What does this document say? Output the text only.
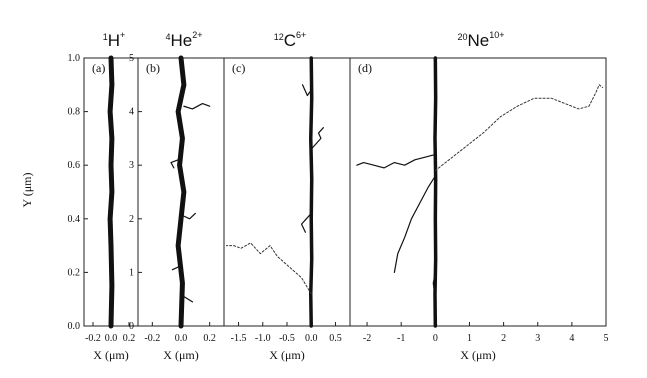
$^1$H+
(a)
-0.2 0.0 0.2
0.0
0.2
0.4
0.6
0.8
1.0
X (μm)
$^4He^{2+}$
(b)
-0.2 0.0 0.2
0
1
2
3
4
5
X (μm)
$^{12}C^{6+}$
(c)
-1.5 -1.0 -0.5 0.0 0.5
X (μm)
$^{20}Ne^{10+}$
(d)
-2	-1	0	1	2	3	4	5
X (μm)
Y (μm)
